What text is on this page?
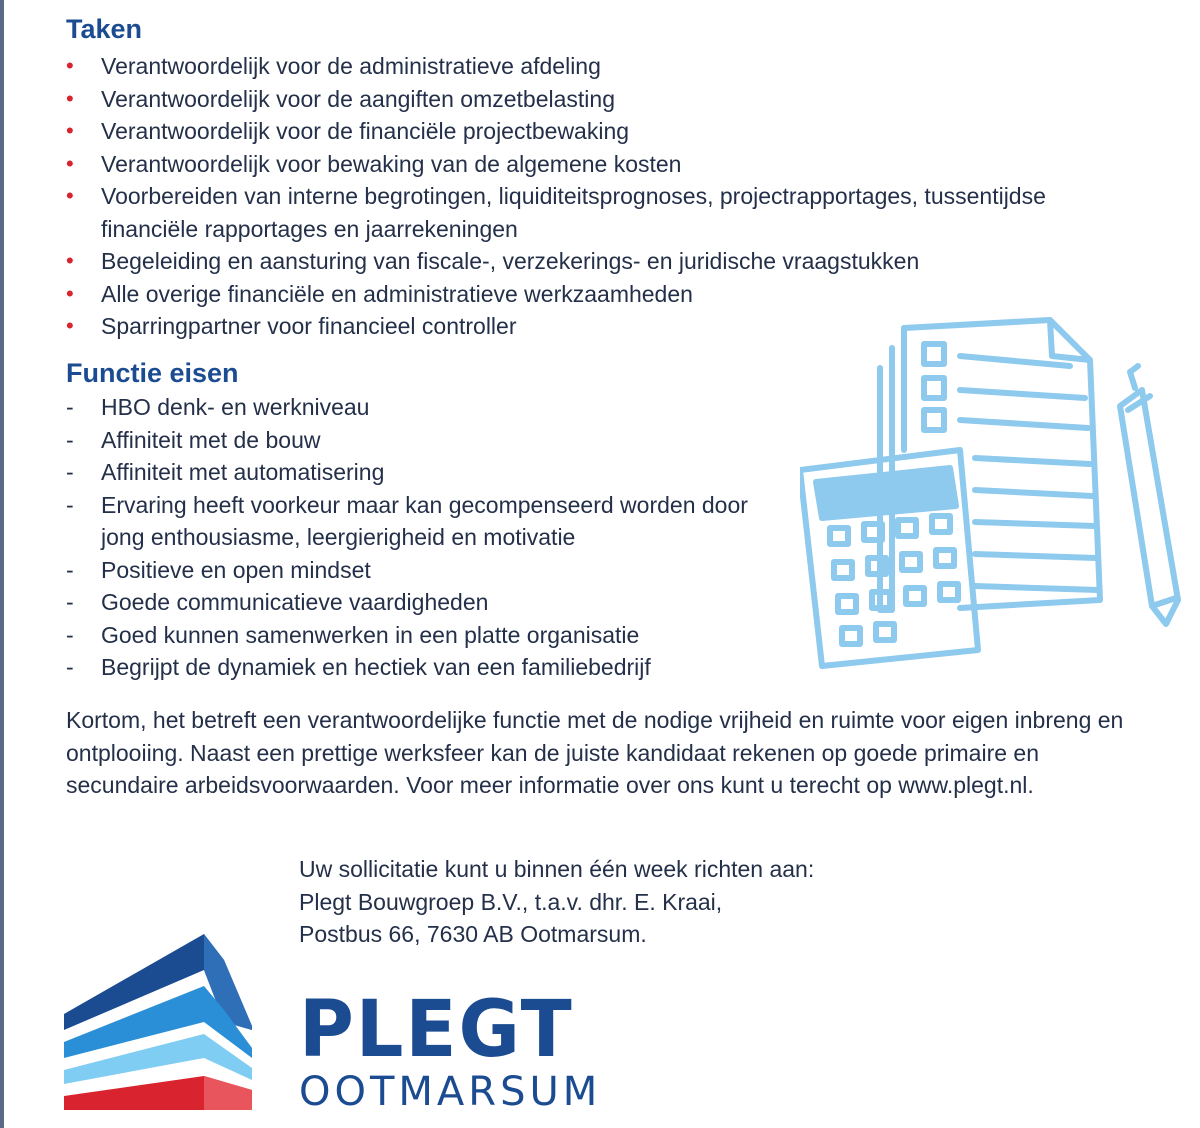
Taken
•	Verantwoordelijk voor de administratieve afdeling
•	Verantwoordelijk voor de aangiften omzetbelasting
•	Verantwoordelijk voor de financiële projectbewaking
•	Verantwoordelijk voor bewaking van de algemene kosten
•	Voorbereiden van interne begrotingen, liquiditeitsprognoses, projectrapportages, tussentijdse financiële rapportages en jaarrekeningen
•	Begeleiding en aansturing van fiscale-, verzekerings- en juridische vraagstukken
•	Alle overige financiële en administratieve werkzaamheden
•	Sparringpartner voor financieel controller
Functie eisen
-	HBO denk- en werkniveau
-	Affiniteit met de bouw
-	Affiniteit met automatisering
-	Ervaring heeft voorkeur maar kan gecompenseerd worden door jong enthousiasme, leergierigheid en motivatie
-	Positieve en open mindset
-	Goede communicatieve vaardigheden
-	Goed kunnen samenwerken in een platte organisatie
-	Begrijpt de dynamiek en hectiek van een familiebedrijf

Kortom, het betreft een verantwoordelijke functie met de nodige vrijheid en ruimte voor eigen inbreng en ontplooiing. Naast een prettige werksfeer kan de juiste kandidaat rekenen op goede primaire en secundaire arbeidsvoorwaarden. Voor meer informatie over ons kunt u terecht op www.plegt.nl.

Uw sollicitatie kunt u binnen één week richten aan:
Plegt Bouwgroep B.V., t.a.v. dhr. E. Kraai,
Postbus 66, 7630 AB Ootmarsum.
PLEGT
OOTMARSUM
